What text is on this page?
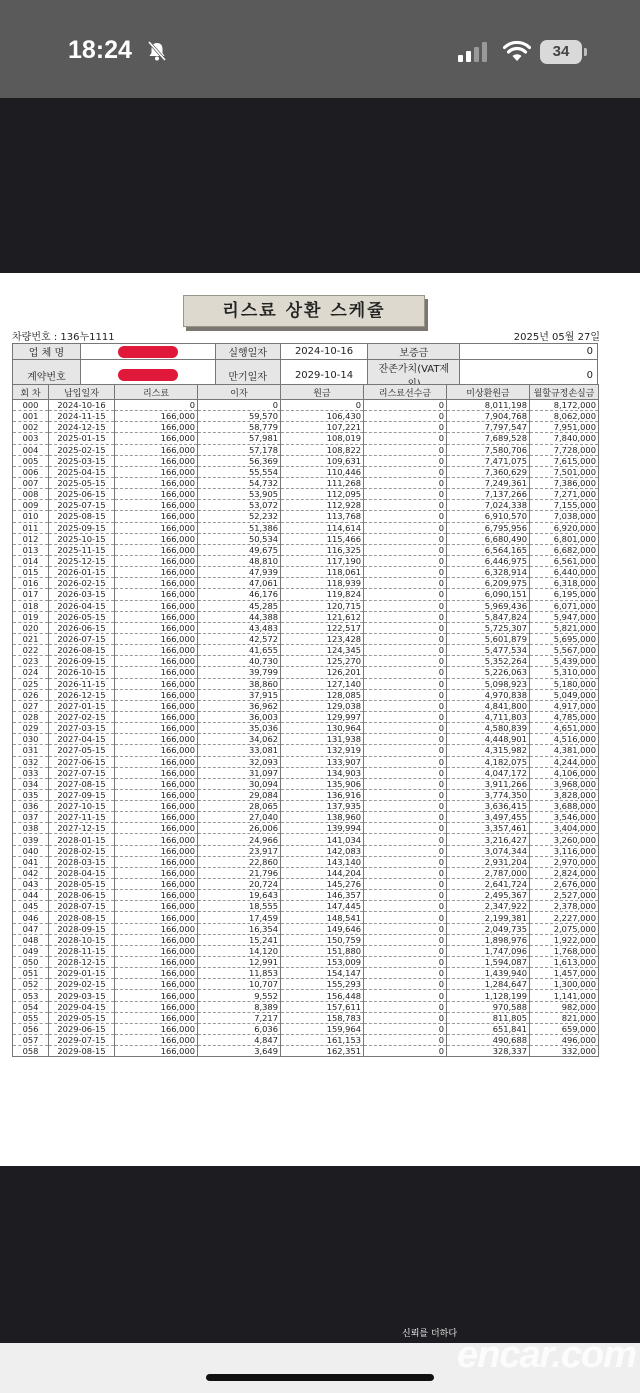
18:24	34
리스료 상환 스케쥴
차량번호 : 136누1111	2025년 05월 27일
업 체 명		실행일자	2024-10-16	보증금	0
계약번호		만기일자	2029-10-14	잔존가치(VAT제	0
회 차	납입일자	리스료	이자	원금	리스료선수금	미상환원금	월할규정손실금
000	2024-10-16	0	0	0	0	8,011,198	8,172,000
001	2024-11-15	166,000	59,570	106,430	0	7,904,768	8,062,000
002	2024-12-15	166,000	58,779	107,221	0	7,797,547	7,951,000
003	2025-01-15	166,000	57,981	108,019	0	7,689,528	7,840,000
004	2025-02-15	166,000	57,178	108,822	0	7,580,706	7,728,000
005	2025-03-15	166,000	56,369	109,631	0	7,471,075	7,615,000
006	2025-04-15	166,000	55,554	110,446	0	7,360,629	7,501,000
007	2025-05-15	166,000	54,732	111,268	0	7,249,361	7,386,000
008	2025-06-15	166,000	53,905	112,095	0	7,137,266	7,271,000
009	2025-07-15	166,000	53,072	112,928	0	7,024,338	7,155,000
010	2025-08-15	166,000	52,232	113,768	0	6,910,570	7,038,000
011	2025-09-15	166,000	51,386	114,614	0	6,795,956	6,920,000
012	2025-10-15	166,000	50,534	115,466	0	6,680,490	6,801,000
013	2025-11-15	166,000	49,675	116,325	0	6,564,165	6,682,000
014	2025-12-15	166,000	48,810	117,190	0	6,446,975	6,561,000
015	2026-01-15	166,000	47,939	118,061	0	6,328,914	6,440,000
016	2026-02-15	166,000	47,061	118,939	0	6,209,975	6,318,000
017	2026-03-15	166,000	46,176	119,824	0	6,090,151	6,195,000
018	2026-04-15	166,000	45,285	120,715	0	5,969,436	6,071,000
019	2026-05-15	166,000	44,388	121,612	0	5,847,824	5,947,000
020	2026-06-15	166,000	43,483	122,517	0	5,725,307	5,821,000
021	2026-07-15	166,000	42,572	123,428	0	5,601,879	5,695,000
022	2026-08-15	166,000	41,655	124,345	0	5,477,534	5,567,000
023	2026-09-15	166,000	40,730	125,270	0	5,352,264	5,439,000
024	2026-10-15	166,000	39,799	126,201	0	5,226,063	5,310,000
025	2026-11-15	166,000	38,860	127,140	0	5,098,923	5,180,000
026	2026-12-15	166,000	37,915	128,085	0	4,970,838	5,049,000
027	2027-01-15	166,000	36,962	129,038	0	4,841,800	4,917,000
028	2027-02-15	166,000	36,003	129,997	0	4,711,803	4,785,000
029	2027-03-15	166,000	35,036	130,964	0	4,580,839	4,651,000
030	2027-04-15	166,000	34,062	131,938	0	4,448,901	4,516,000
031	2027-05-15	166,000	33,081	132,919	0	4,315,982	4,381,000
032	2027-06-15	166,000	32,093	133,907	0	4,182,075	4,244,000
033	2027-07-15	166,000	31,097	134,903	0	4,047,172	4,106,000
034	2027-08-15	166,000	30,094	135,906	0	3,911,266	3,968,000
035	2027-09-15	166,000	29,084	136,916	0	3,774,350	3,828,000
036	2027-10-15	166,000	28,065	137,935	0	3,636,415	3,688,000
037	2027-11-15	166,000	27,040	138,960	0	3,497,455	3,546,000
038	2027-12-15	166,000	26,006	139,994	0	3,357,461	3,404,000
039	2028-01-15	166,000	24,966	141,034	0	3,216,427	3,260,000
040	2028-02-15	166,000	23,917	142,083	0	3,074,344	3,116,000
041	2028-03-15	166,000	22,860	143,140	0	2,931,204	2,970,000
042	2028-04-15	166,000	21,796	144,204	0	2,787,000	2,824,000
043	2028-05-15	166,000	20,724	145,276	0	2,641,724	2,676,000
044	2028-06-15	166,000	19,643	146,357	0	2,495,367	2,527,000
045	2028-07-15	166,000	18,555	147,445	0	2,347,922	2,378,000
046	2028-08-15	166,000	17,459	148,541	0	2,199,381	2,227,000
047	2028-09-15	166,000	16,354	149,646	0	2,049,735	2,075,000
048	2028-10-15	166,000	15,241	150,759	0	1,898,976	1,922,000
049	2028-11-15	166,000	14,120	151,880	0	1,747,096	1,768,000
050	2028-12-15	166,000	12,991	153,009	0	1,594,087	1,613,000
051	2029-01-15	166,000	11,853	154,147	0	1,439,940	1,457,000
052	2029-02-15	166,000	10,707	155,293	0	1,284,647	1,300,000
053	2029-03-15	166,000	9,552	156,448	0	1,128,199	1,141,000
054	2029-04-15	166,000	8,389	157,611	0	970,588	982,000
055	2029-05-15	166,000	7,217	158,783	0	811,805	821,000
056	2029-06-15	166,000	6,036	159,964	0	651,841	659,000
057	2029-07-15	166,000	4,847	161,153	0	490,688	496,000
058	2029-08-15	166,000	3,649	162,351	0	328,337	332,000
신뢰를 더하다 encar.com
